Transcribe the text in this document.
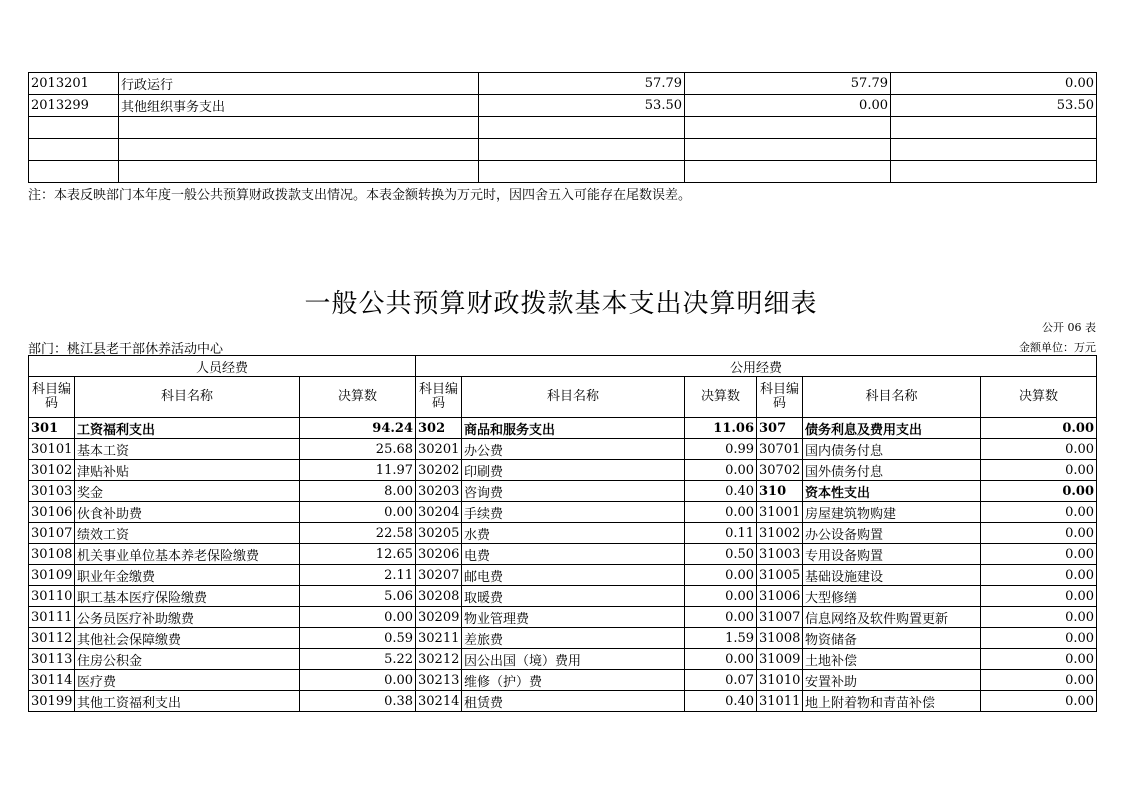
2013201	行政运行	57.79	57.79	0.00
2013299	其他组织事务支出	53.50	0.00	53.50

注：本表反映部门本年度一般公共预算财政拨款支出情况。本表金额转换为万元时，因四舍五入可能存在尾数误差。
一般公共预算财政拨款基本支出决算明细表
公开 06 表
部门：桃江县老干部休养活动中心	金额单位：万元
人员经费			公用经费					
科目编码	科目名称	决算数	科目编码	科目名称	决算数	科目编码	科目名称	决算数
301	工资福利支出	94.24	302	商品和服务支出	11.06	307	债务利息及费用支出	0.00
30101	基本工资	25.68	30201	办公费	0.99	30701	国内债务付息	0.00
30102	津贴补贴	11.97	30202	印刷费	0.00	30702	国外债务付息	0.00
30103	奖金	8.00	30203	咨询费	0.40	310	资本性支出	0.00
30106	伙食补助费	0.00	30204	手续费	0.00	31001	房屋建筑物购建	0.00
30107	绩效工资	22.58	30205	水费	0.11	31002	办公设备购置	0.00
30108	机关事业单位基本养老保险缴费	12.65	30206	电费	0.50	31003	专用设备购置	0.00
30109	职业年金缴费	2.11	30207	邮电费	0.00	31005	基础设施建设	0.00
30110	职工基本医疗保险缴费	5.06	30208	取暖费	0.00	31006	大型修缮	0.00
30111	公务员医疗补助缴费	0.00	30209	物业管理费	0.00	31007	信息网络及软件购置更新	0.00
30112	其他社会保障缴费	0.59	30211	差旅费	1.59	31008	物资储备	0.00
30113	住房公积金	5.22	30212	因公出国（境）费用	0.00	31009	土地补偿	0.00
30114	医疗费	0.00	30213	维修（护）费	0.07	31010	安置补助	0.00
30199	其他工资福利支出	0.38	30214	租赁费	0.40	31011	地上附着物和青苗补偿	0.00
